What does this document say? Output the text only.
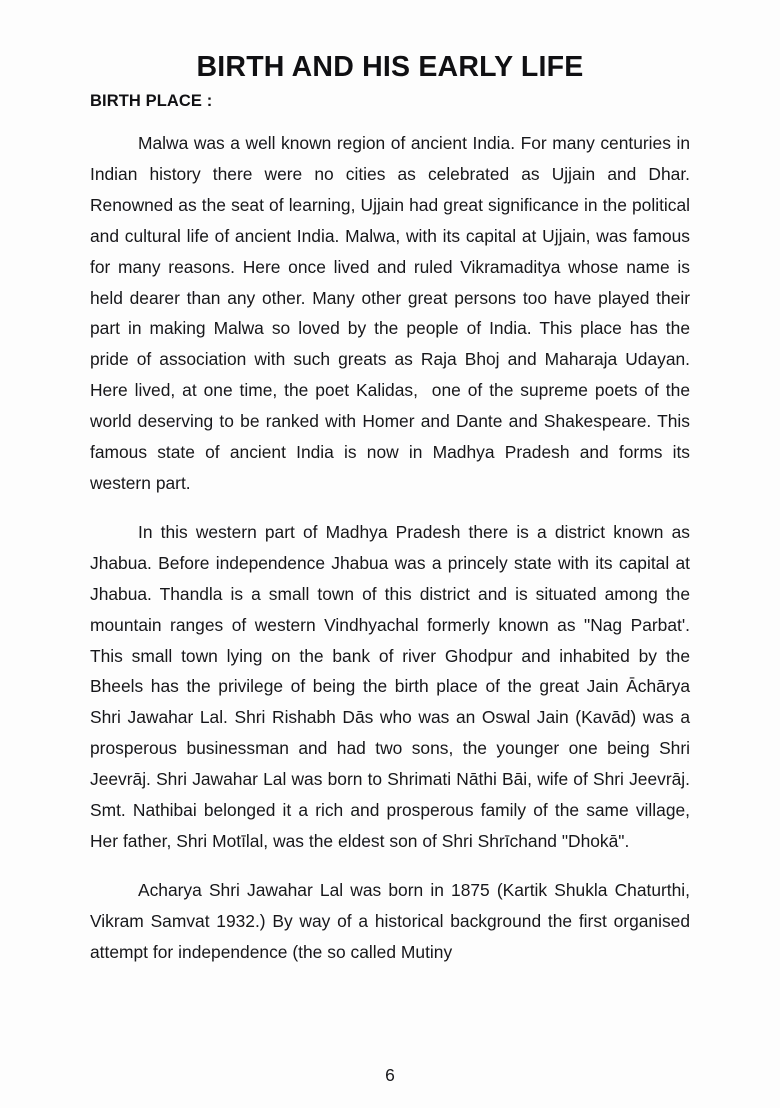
BIRTH AND HIS EARLY LIFE
BIRTH PLACE :

Malwa was a well known region of ancient India. For many centuries in Indian history there were no cities as celebrated as Ujjain and Dhar. Renowned as the seat of learning, Ujjain had great significance in the political and cultural life of ancient India. Malwa, with its capital at Ujjain, was famous for many reasons. Here once lived and ruled Vikramaditya whose name is held dearer than any other. Many other great persons too have played their part in making Malwa so loved by the people of India. This place has the pride of association with such greats as Raja Bhoj and Maharaja Udayan. Here lived, at one time, the poet Kalidas,  one of the supreme poets of the world deserving to be ranked with Homer and Dante and Shakespeare. This famous state of ancient India is now in Madhya Pradesh and forms its western part.

In this western part of Madhya Pradesh there is a district known as Jhabua. Before independence Jhabua was a princely state with its capital at Jhabua. Thandla is a small town of this district and is situated among the mountain ranges of western Vindhyachal formerly known as "Nag Parbat'. This small town lying on the bank of river Ghodpur and inhabited by the Bheels has the privilege of being the birth place of the great Jain Āchārya Shri Jawahar Lal. Shri Rishabh Dās who was an Oswal Jain (Kavād) was a prosperous businessman and had two sons, the younger one being Shri Jeevrāj. Shri Jawahar Lal was born to Shrimati Nāthi Bāi, wife of Shri Jeevrāj. Smt. Nathibai belonged it a rich and prosperous family of the same village, Her father, Shri Motīlal, was the eldest son of Shri Shrīchand "Dhokā".

Acharya Shri Jawahar Lal was born in 1875 (Kartik Shukla Chaturthi, Vikram Samvat 1932.) By way of a historical background the first organised attempt for independence (the so called Mutiny

6
